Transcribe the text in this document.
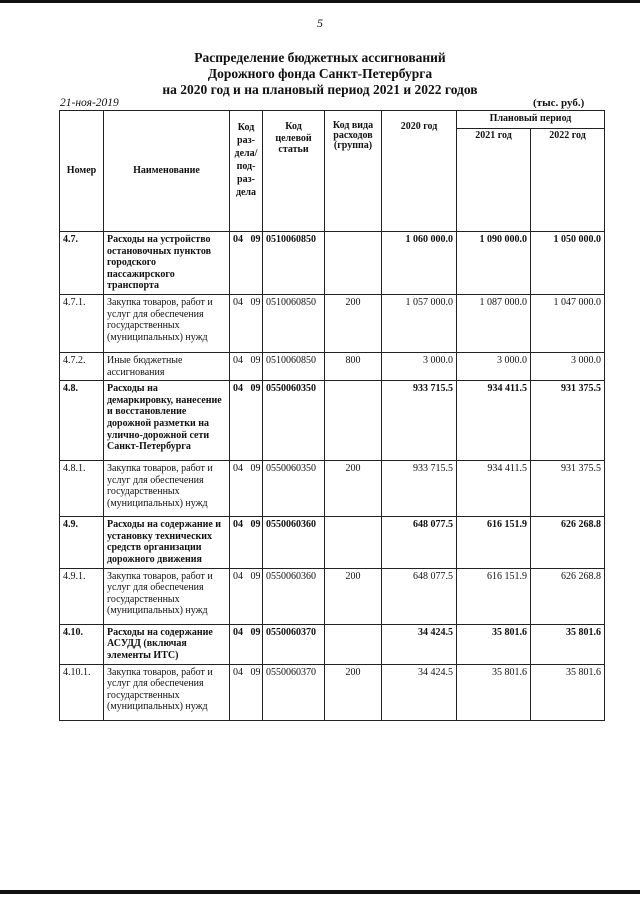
5
Распределение бюджетных ассигнований
Дорожного фонда Санкт-Петербурга
на 2020 год и на плановый период 2021 и 2022 годов
21-ноя-2019	(тыс. руб.)
Номер	Наименование	Код раз- дела/ под- раз- дела	Код целевой статьи	Код вида расходов (группа)	2020 год	Плановый период	
						2021 год	2022 год
4.7.	Расходы на устройство остановочных пунктов городского пассажирского транспорта	04 09	0510060850		1 060 000.0	1 090 000.0	1 050 000.0
4.7.1.	Закупка товаров, работ и услуг для обеспечения государственных (муниципальных) нужд	04 09	0510060850	200	1 057 000.0	1 087 000.0	1 047 000.0
4.7.2.	Иные бюджетные ассигнования	04 09	0510060850	800	3 000.0	3 000.0	3 000.0
4.8.	Расходы на демаркировку, нанесение и восстановление дорожной разметки на улично-дорожной сети Санкт-Петербурга	04 09	0550060350		933 715.5	934 411.5	931 375.5
4.8.1.	Закупка товаров, работ и услуг для обеспечения государственных (муниципальных) нужд	04 09	0550060350	200	933 715.5	934 411.5	931 375.5
4.9.	Расходы на содержание и установку технических средств организации дорожного движения	04 09	0550060360		648 077.5	616 151.9	626 268.8
4.9.1.	Закупка товаров, работ и услуг для обеспечения государственных (муниципальных) нужд	04 09	0550060360	200	648 077.5	616 151.9	626 268.8
4.10.	Расходы на содержание АСУДД (включая элементы ИТС)	04 09	0550060370		34 424.5	35 801.6	35 801.6
4.10.1.	Закупка товаров, работ и услуг для обеспечения государственных (муниципальных) нужд	04 09	0550060370	200	34 424.5	35 801.6	35 801.6
